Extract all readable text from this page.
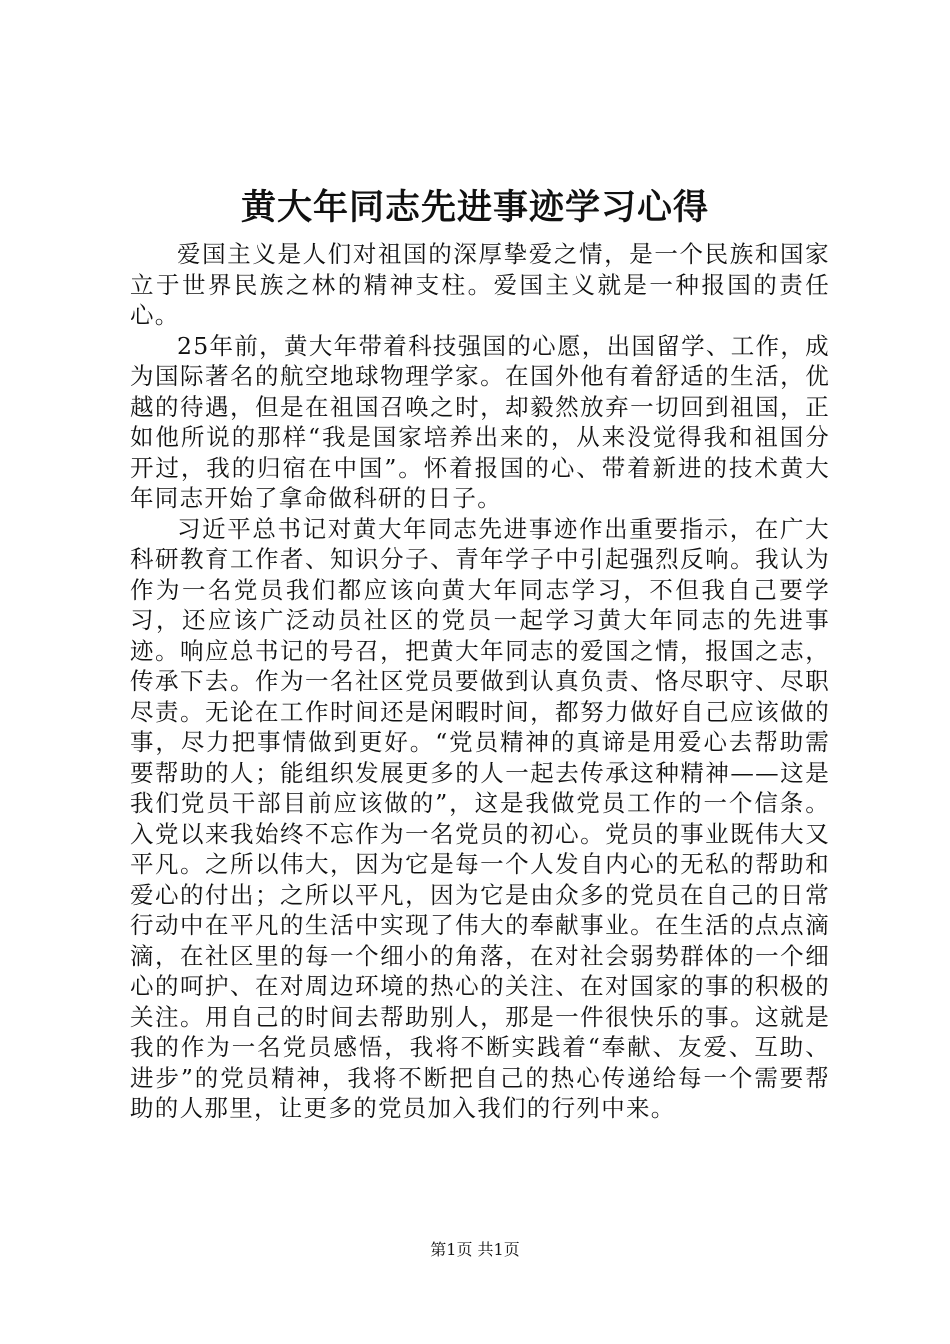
黄大年同志先进事迹学习心得

爱国主义是人们对祖国的深厚挚爱之情，是一个民族和国家立于世界民族之林的精神支柱。爱国主义就是一种报国的责任心。

25年前，黄大年带着科技强国的心愿，出国留学、工作，成为国际著名的航空地球物理学家。在国外他有着舒适的生活，优越的待遇，但是在祖国召唤之时，却毅然放弃一切回到祖国，正如他所说的那样“我是国家培养出来的，从来没觉得我和祖国分开过，我的归宿在中国”。怀着报国的心、带着新进的技术黄大年同志开始了拿命做科研的日子。

习近平总书记对黄大年同志先进事迹作出重要指示，在广大科研教育工作者、知识分子、青年学子中引起强烈反响。我认为作为一名党员我们都应该向黄大年同志学习，不但我自己要学习，还应该广泛动员社区的党员一起学习黄大年同志的先进事迹。响应总书记的号召，把黄大年同志的爱国之情，报国之志，传承下去。作为一名社区党员要做到认真负责、恪尽职守、尽职尽责。无论在工作时间还是闲暇时间，都努力做好自己应该做的事，尽力把事情做到更好。“党员精神的真谛是用爱心去帮助需要帮助的人；能组织发展更多的人一起去传承这种精神——这是我们党员干部目前应该做的”，这是我做党员工作的一个信条。入党以来我始终不忘作为一名党员的初心。党员的事业既伟大又平凡。之所以伟大，因为它是每一个人发自内心的无私的帮助和爱心的付出；之所以平凡，因为它是由众多的党员在自己的日常行动中在平凡的生活中实现了伟大的奉献事业。在生活的点点滴滴，在社区里的每一个细小的角落，在对社会弱势群体的一个细心的呵护、在对周边环境的热心的关注、在对国家的事的积极的关注。用自己的时间去帮助别人，那是一件很快乐的事。这就是我的作为一名党员感悟，我将不断实践着“奉献、友爱、互助、进步”的党员精神，我将不断把自己的热心传递给每一个需要帮助的人那里，让更多的党员加入我们的行列中来。

第1页 共1页
